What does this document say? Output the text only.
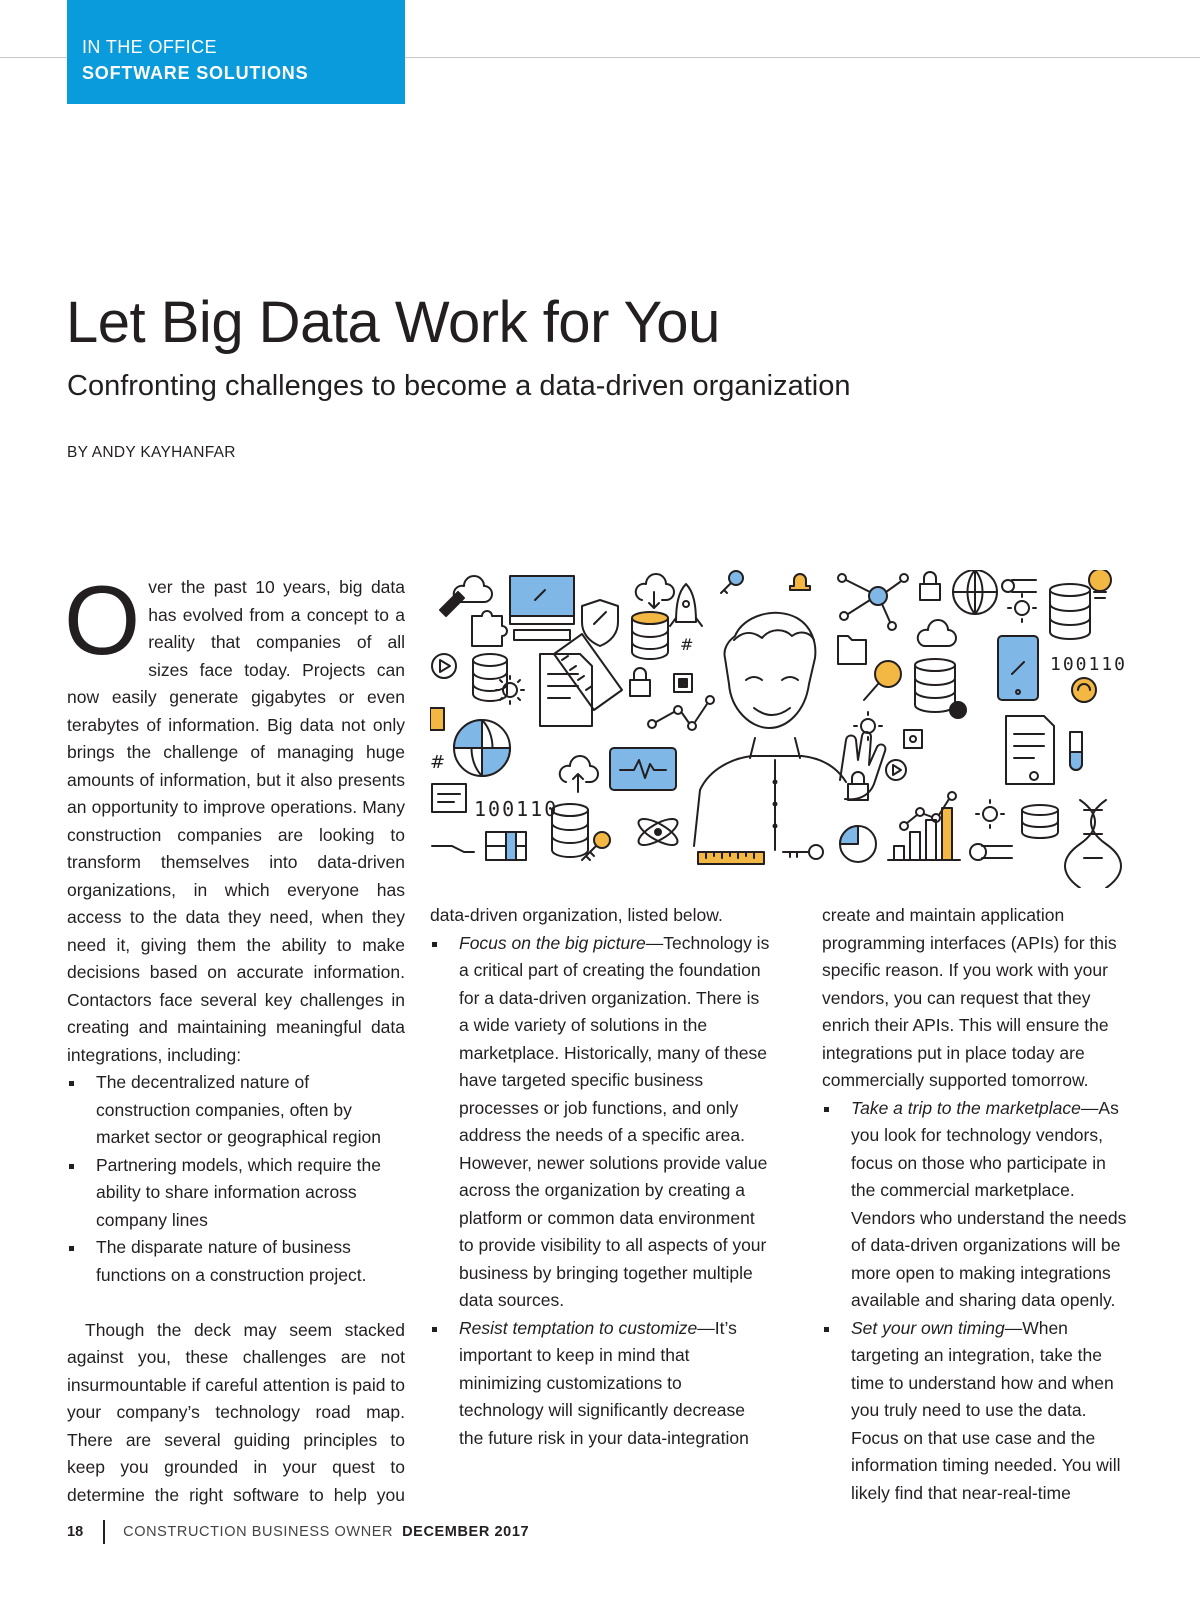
IN THE OFFICE
SOFTWARE SOLUTIONS
Let Big Data Work for You
Confronting challenges to become a data-driven organization
BY ANDY KAYHANFAR

Over the past 10 years, big data has evolved from a concept to a reality that companies of all sizes face today. Projects can now easily generate gigabytes or even terabytes of information. Big data not only brings the challenge of managing huge amounts of information, but it also presents an opportunity to improve operations. Many construction companies are looking to transform themselves into data-driven organizations, in which everyone has access to the data they need, when they need it, giving them the ability to make decisions based on accurate information. Contactors face several key challenges in creating and maintaining meaningful data integrations, including:

The decentralized nature of construction companies, often by market sector or geographical region
Partnering models, which require the ability to share information across company lines
The disparate nature of business functions on a construction project.

Though the deck may seem stacked against you, these challenges are not insurmountable if careful attention is paid to your company’s technology road map. There are several guiding principles to keep you grounded in your quest to determine the right software to help you

data-driven organization, listed below.

Focus on the big picture—Technology is a critical part of creating the foundation for a data-driven organization. There is a wide variety of solutions in the marketplace. Historically, many of these have targeted specific business processes or job functions, and only address the needs of a specific area. However, newer solutions provide value across the organization by creating a platform or common data environment to provide visibility to all aspects of your business by bringing together multiple data sources.
Resist temptation to customize—It’s important to keep in mind that minimizing customizations to technology will significantly decrease the future risk in your data-integration

create and maintain application programming interfaces (APIs) for this specific reason. If you work with your vendors, you can request that they enrich their APIs. This will ensure the integrations put in place today are commercially supported tomorrow.

Take a trip to the marketplace—As you look for technology vendors, focus on those who participate in the commercial marketplace. Vendors who understand the needs of data-driven organizations will be more open to making integrations available and sharing data openly.
Set your own timing—When targeting an integration, take the time to understand how and when you truly need to use the data. Focus on that use case and the information timing needed. You will likely find that near-real-time
100110
100110
#
#
18	CONSTRUCTION BUSINESS OWNER DECEMBER 2017
